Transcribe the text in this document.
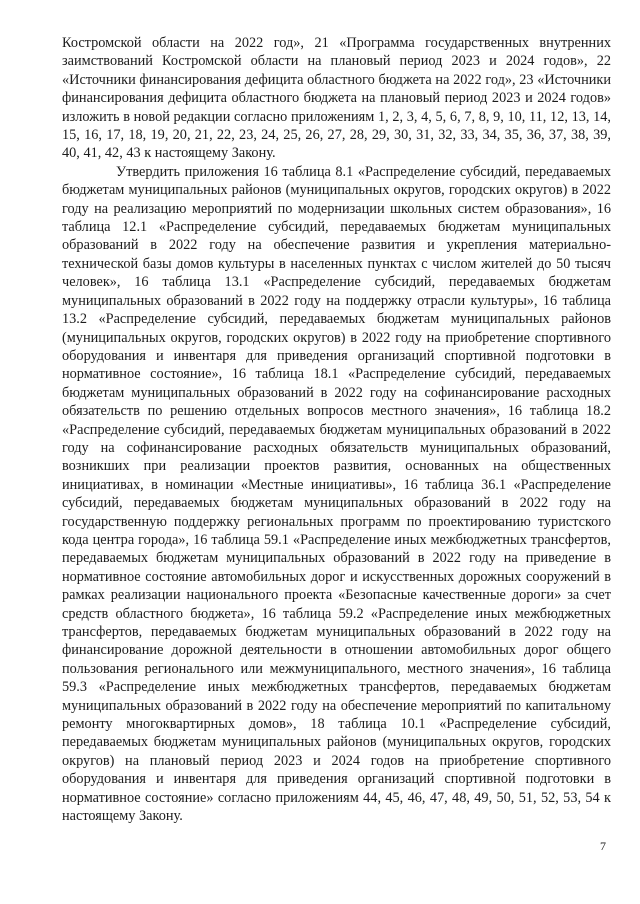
Костромской области на 2022 год», 21 «Программа государственных внутренних заимствований Костромской области на плановый период 2023 и 2024 годов», 22 «Источники финансирования дефицита областного бюджета на 2022 год», 23 «Источники финансирования дефицита областного бюджета на плановый период 2023 и 2024 годов» изложить в новой редакции согласно приложениям 1, 2, 3, 4, 5, 6, 7, 8, 9, 10, 11, 12, 13, 14, 15, 16, 17, 18, 19, 20, 21, 22, 23, 24, 25, 26, 27, 28, 29, 30, 31, 32, 33, 34, 35, 36, 37, 38, 39, 40, 41, 42, 43 к настоящему Закону.

Утвердить приложения 16 таблица 8.1 «Распределение субсидий, передаваемых бюджетам муниципальных районов (муниципальных округов, городских округов) в 2022 году на реализацию мероприятий по модернизации школьных систем образования», 16 таблица 12.1 «Распределение субсидий, передаваемых бюджетам муниципальных образований в 2022 году на обеспечение развития и укрепления материально-технической базы домов культуры в населенных пунктах с числом жителей до 50 тысяч человек», 16 таблица 13.1 «Распределение субсидий, передаваемых бюджетам муниципальных образований в 2022 году на поддержку отрасли культуры», 16 таблица 13.2 «Распределение субсидий, передаваемых бюджетам муниципальных районов (муниципальных округов, городских округов) в 2022 году на приобретение спортивного оборудования и инвентаря для приведения организаций спортивной подготовки в нормативное состояние», 16 таблица 18.1 «Распределение субсидий, передаваемых бюджетам муниципальных образований в 2022 году на софинансирование расходных обязательств по решению отдельных вопросов местного значения», 16 таблица 18.2 «Распределение субсидий, передаваемых бюджетам муниципальных образований в 2022 году на софинансирование расходных обязательств муниципальных образований, возникших при реализации проектов развития, основанных на общественных инициативах, в номинации «Местные инициативы», 16 таблица 36.1 «Распределение субсидий, передаваемых бюджетам муниципальных образований в 2022 году на государственную поддержку региональных программ по проектированию туристского кода центра города», 16 таблица 59.1 «Распределение иных межбюджетных трансфертов, передаваемых бюджетам муниципальных образований в 2022 году на приведение в нормативное состояние автомобильных дорог и искусственных дорожных сооружений в рамках реализации национального проекта «Безопасные качественные дороги» за счет средств областного бюджета», 16 таблица 59.2 «Распределение иных межбюджетных трансфертов, передаваемых бюджетам муниципальных образований в 2022 году на финансирование дорожной деятельности в отношении автомобильных дорог общего пользования регионального или межмуниципального, местного значения», 16 таблица 59.3 «Распределение иных межбюджетных трансфертов, передаваемых бюджетам муниципальных образований в 2022 году на обеспечение мероприятий по капитальному ремонту многоквартирных домов», 18 таблица 10.1 «Распределение субсидий, передаваемых бюджетам муниципальных районов (муниципальных округов, городских округов) на плановый период 2023 и 2024 годов на приобретение спортивного оборудования и инвентаря для приведения организаций спортивной подготовки в нормативное состояние» согласно приложениям 44, 45, 46, 47, 48, 49, 50, 51, 52, 53, 54 к настоящему Закону.

7
